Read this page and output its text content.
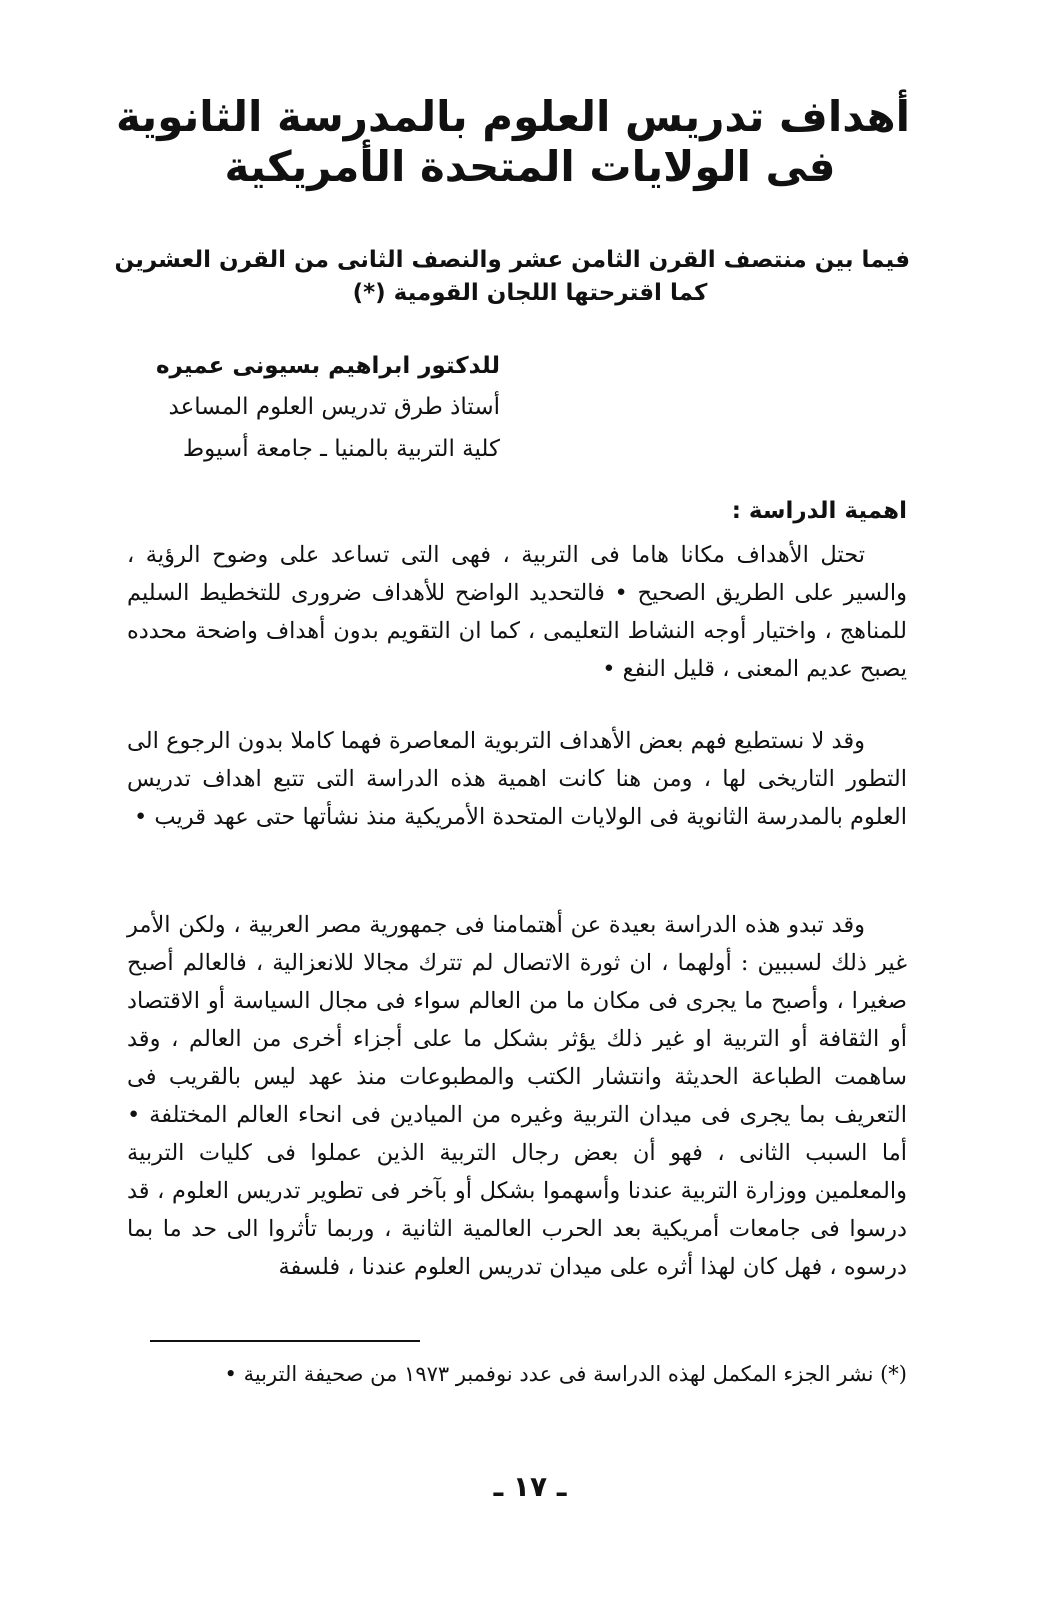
أهداف تدريس العلوم بالمدرسة الثانوية
فى الولايات المتحدة الأمريكية
فيما بين منتصف القرن الثامن عشر والنصف الثانى من القرن العشرين
كما اقترحتها اللجان القومية (*)
للدكتور ابراهيم بسيونى عميره
أستاذ طرق تدريس العلوم المساعد
كلية التربية بالمنيا ـ جامعة أسيوط
اهمية الدراسة :

تحتل الأهداف مكانا هاما فى التربية ، فهى التى تساعد على وضوح الرؤية ، والسير على الطريق الصحيح • فالتحديد الواضح للأهداف ضرورى للتخطيط السليم للمناهج ، واختيار أوجه النشاط التعليمى ، كما ان التقويم بدون أهداف واضحة محدده يصبح عديم المعنى ، قليل النفع •

وقد لا نستطيع فهم بعض الأهداف التربوية المعاصرة فهما كاملا بدون الرجوع الى التطور التاريخى لها ، ومن هنا كانت اهمية هذه الدراسة التى تتبع اهداف تدريس العلوم بالمدرسة الثانوية فى الولايات المتحدة الأمريكية منذ نشأتها حتى عهد قريب •

وقد تبدو هذه الدراسة بعيدة عن أهتمامنا فى جمهورية مصر العربية ، ولكن الأمر غير ذلك لسببين : أولهما ، ان ثورة الاتصال لم تترك مجالا للانعزالية ، فالعالم أصبح صغيرا ، وأصبح ما يجرى فى مكان ما من العالم سواء فى مجال السياسة أو الاقتصاد أو الثقافة أو التربية او غير ذلك يؤثر بشكل ما على أجزاء أخرى من العالم ، وقد ساهمت الطباعة الحديثة وانتشار الكتب والمطبوعات منذ عهد ليس بالقريب فى التعريف بما يجرى فى ميدان التربية وغيره من الميادين فى انحاء العالم المختلفة • أما السبب الثانى ، فهو أن بعض رجال التربية الذين عملوا فى كليات التربية والمعلمين ووزارة التربية عندنا وأسهموا بشكل أو بآخر فى تطوير تدريس العلوم ، قد درسوا فى جامعات أمريكية بعد الحرب العالمية الثانية ، وربما تأثروا الى حد ما بما درسوه ، فهل كان لهذا أثره على ميدان تدريس العلوم عندنا ، فلسفة

(*) نشر الجزء المكمل لهذه الدراسة فى عدد نوفمبر ١٩٧٣ من صحيفة التربية •
ـ ١٧ ـ
